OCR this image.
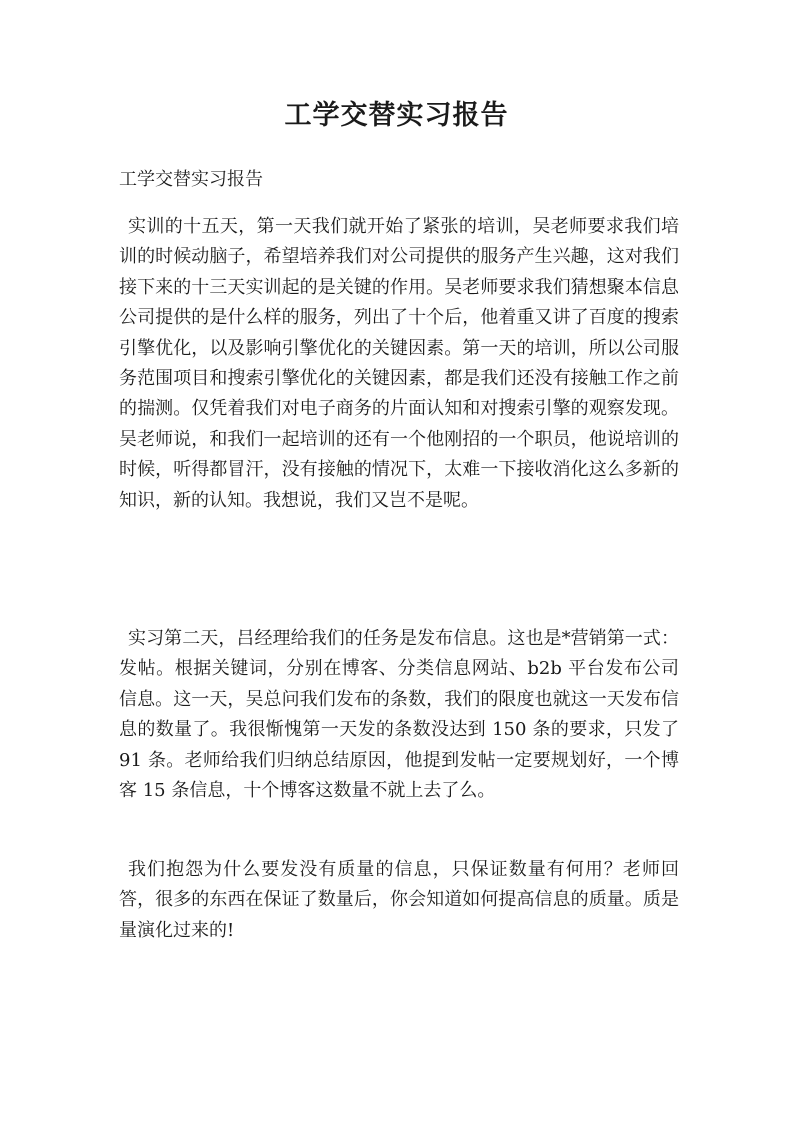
工学交替实习报告

工学交替实习报告

实训的十五天，第一天我们就开始了紧张的培训，吴老师要求我们培训的时候动脑子，希望培养我们对公司提供的服务产生兴趣，这对我们接下来的十三天实训起的是关键的作用。吴老师要求我们猜想聚本信息公司提供的是什么样的服务，列出了十个后，他着重又讲了百度的搜索引擎优化，以及影响引擎优化的关键因素。第一天的培训，所以公司服务范围项目和搜索引擎优化的关键因素，都是我们还没有接触工作之前的揣测。仅凭着我们对电子商务的片面认知和对搜索引擎的观察发现。吴老师说，和我们一起培训的还有一个他刚招的一个职员，他说培训的时候，听得都冒汗，没有接触的情况下，太难一下接收消化这么多新的知识，新的认知。我想说，我们又岂不是呢。

实习第二天，吕经理给我们的任务是发布信息。这也是*营销第一式：发帖。根据关键词，分别在博客、分类信息网站、b2b 平台发布公司信息。这一天，吴总问我们发布的条数，我们的限度也就这一天发布信息的数量了。我很惭愧第一天发的条数没达到 150 条的要求，只发了 91 条。老师给我们归纳总结原因，他提到发帖一定要规划好，一个博客 15 条信息，十个博客这数量不就上去了么。

我们抱怨为什么要发没有质量的信息，只保证数量有何用？老师回答，很多的东西在保证了数量后，你会知道如何提高信息的质量。质是量演化过来的!
